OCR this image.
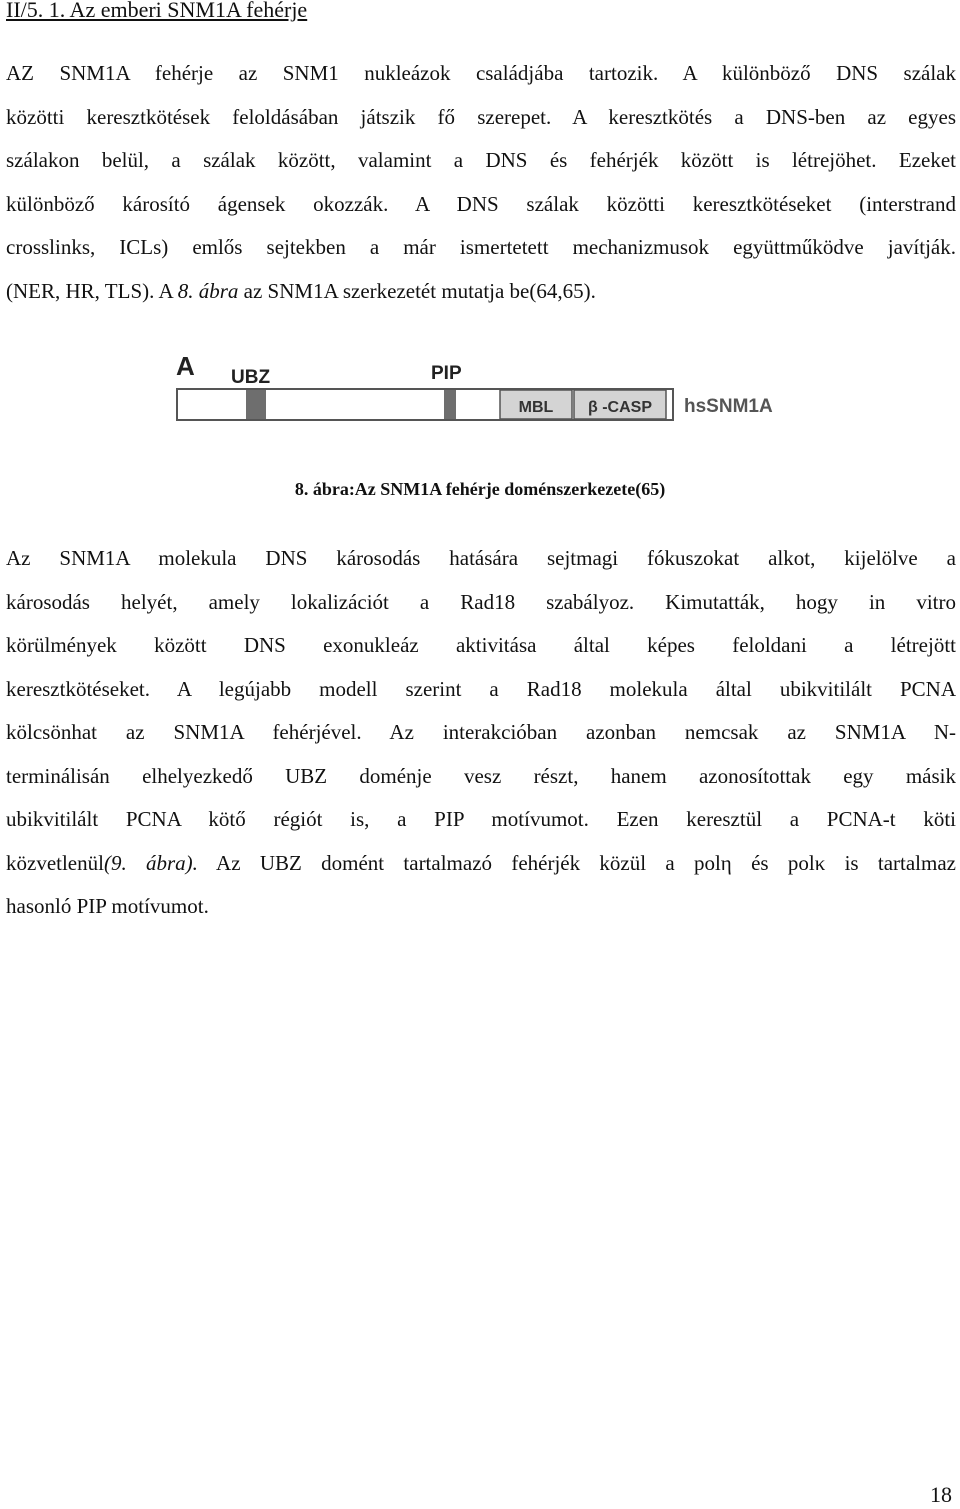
II/5. 1. Az emberi SNM1A fehérje
AZ SNM1A fehérje az SNM1 nukleázok családjába tartozik. A különböző DNS szálak
közötti keresztkötések feloldásában játszik fő szerepet. A keresztkötés a DNS-ben az egyes
szálakon belül, a szálak között, valamint a DNS és fehérjék között is létrejöhet. Ezeket
különböző károsító ágensek okozzák. A DNS szálak közötti keresztkötéseket (interstrand
crosslinks, ICLs) emlős sejtekben a már ismertetett mechanizmusok együttműködve javítják.
(NER, HR, TLS). A 8. ábra az SNM1A szerkezetét mutatja be(64,65).
A UBZ	PIP
MBL β -CASP hsSNM1A
8. ábra:Az SNM1A fehérje doménszerkezete(65)
Az SNM1A molekula DNS károsodás hatására sejtmagi fókuszokat alkot, kijelölve a
károsodás helyét, amely lokalizációt a Rad18 szabályoz. Kimutatták, hogy in vitro
körülmények között DNS exonukleáz aktivitása által képes feloldani a létrejött
keresztkötéseket. A legújabb modell szerint a Rad18 molekula által ubikvitilált PCNA
kölcsönhat az SNM1A fehérjével. Az interakcióban azonban nemcsak az SNM1A N-
terminálisán elhelyezkedő UBZ doménje vesz részt, hanem azonosítottak egy másik
ubikvitilált PCNA kötő régiót is, a PIP motívumot. Ezen keresztül a PCNA-t köti
közvetlenül(9. ábra). Az UBZ domént tartalmazó fehérjék közül a polη és polκ is tartalmaz
hasonló PIP motívumot.
18
